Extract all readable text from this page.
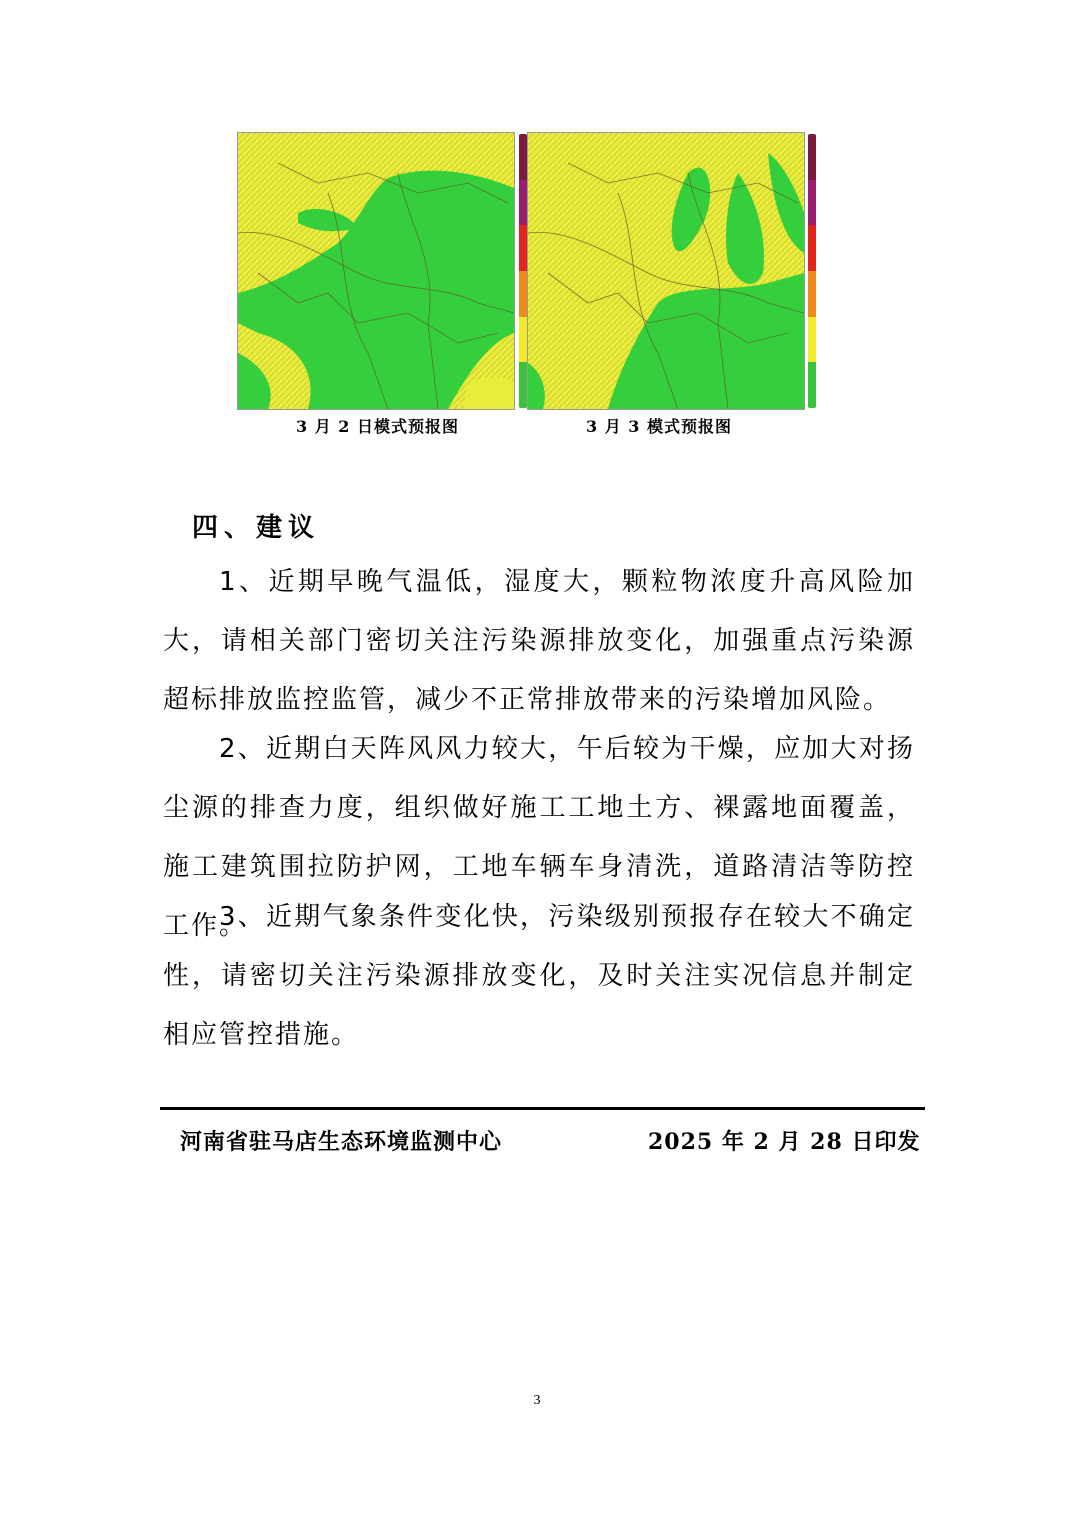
3 月 2 日模式预报图	3 月 3 模式预报图
四、建议

1、近期早晚气温低，湿度大，颗粒物浓度升高风险加大，请相关部门密切关注污染源排放变化，加强重点污染源超标排放监控监管，减少不正常排放带来的污染增加风险。

2、近期白天阵风风力较大，午后较为干燥，应加大对扬尘源的排查力度，组织做好施工工地土方、裸露地面覆盖，施工建筑围拉防护网，工地车辆车身清洗，道路清洁等防控工作。

3、近期气象条件变化快，污染级别预报存在较大不确定性，请密切关注污染源排放变化，及时关注实况信息并制定相应管控措施。

河南省驻马店生态环境监测中心	2025 年 2 月 28 日印发
3
